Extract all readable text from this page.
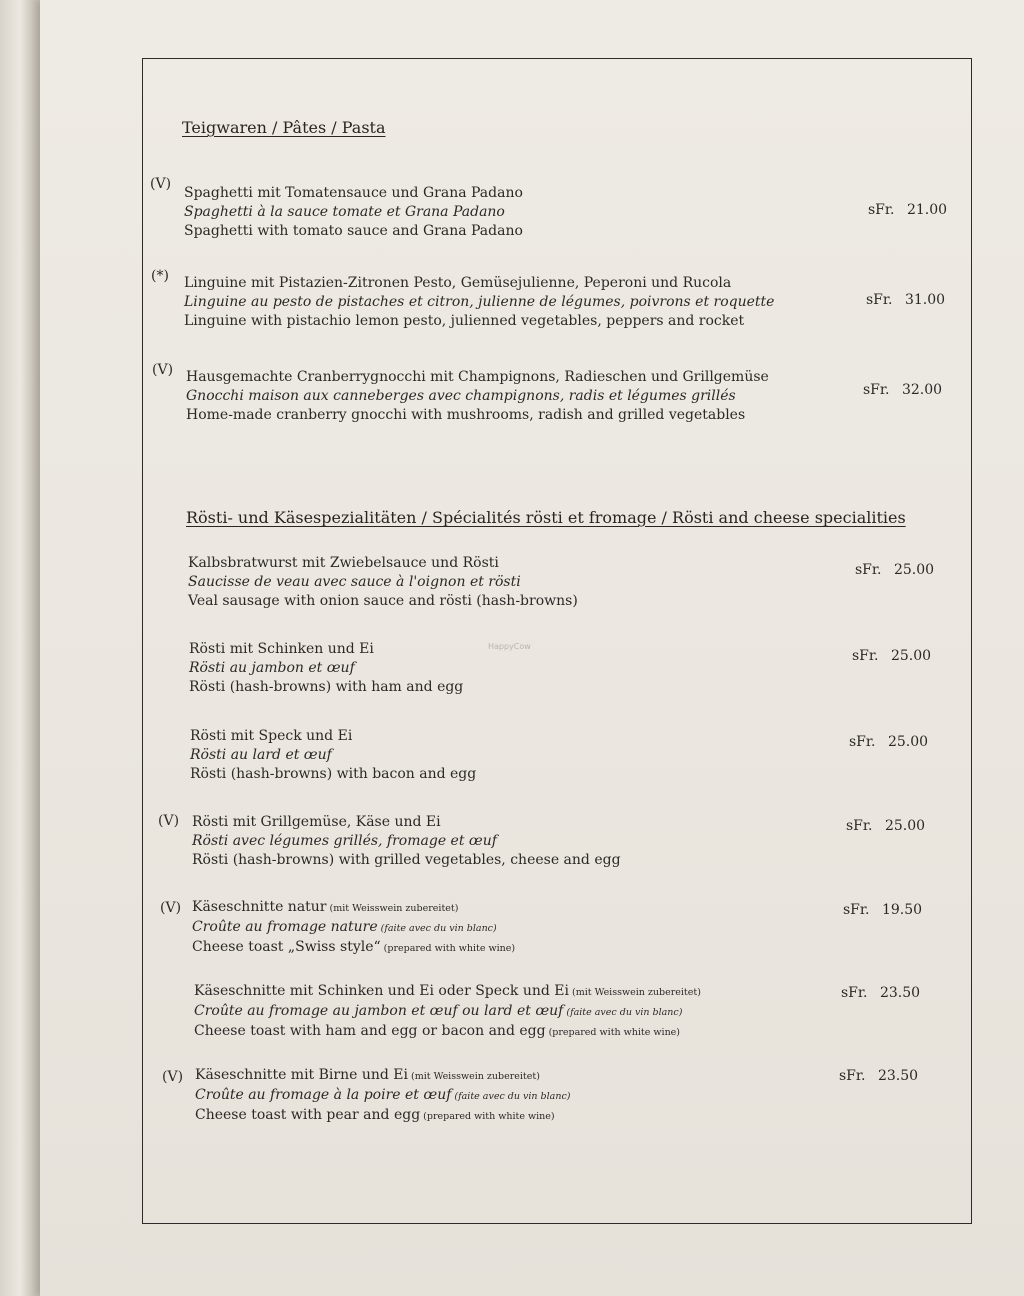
Teigwaren / Pâtes / Pasta
(V)
Spaghetti mit Tomatensauce und Grana Padano
Spaghetti à la sauce tomate et Grana Padano
Spaghetti with tomato sauce and Grana Padano
sFr. 21.00
(*) Linguine mit Pistazien-Zitronen Pesto, Gemüsejulienne, Peperoni und Rucola
Linguine au pesto de pistaches et citron, julienne de légumes, poivrons et roquette
Linguine with pistachio lemon pesto, julienned vegetables, peppers and rocket
sFr. 31.00
(V) Hausgemachte Cranberrygnocchi mit Champignons, Radieschen und Grillgemüse
Gnocchi maison aux canneberges avec champignons, radis et légumes grillés
Home-made cranberry gnocchi with mushrooms, radish and grilled vegetables
sFr. 32.00
Rösti- und Käsespezialitäten / Spécialités rösti et fromage / Rösti and cheese specialities
Kalbsbratwurst mit Zwiebelsauce und Rösti
Saucisse de veau avec sauce à l'oignon et rösti
Veal sausage with onion sauce and rösti (hash-browns)
sFr. 25.00
Rösti mit Schinken und Ei
Rösti au jambon et œuf
Rösti (hash-browns) with ham and egg
sFr. 25.00
HappyCow
Rösti mit Speck und Ei
Rösti au lard et œuf
Rösti (hash-browns) with bacon and egg
sFr. 25.00
(V) Rösti mit Grillgemüse, Käse und Ei
Rösti avec légumes grillés, fromage et œuf
Rösti (hash-browns) with grilled vegetables, cheese and egg
sFr. 25.00
(V) Käseschnitte natur (mit Weisswein zubereitet)
Croûte au fromage nature (faite avec du vin blanc)
Cheese toast „Swiss style“ (prepared with white wine)
sFr. 19.50
Käseschnitte mit Schinken und Ei oder Speck und Ei (mit Weisswein zubereitet)
Croûte au fromage au jambon et œuf ou lard et œuf (faite avec du vin blanc)
Cheese toast with ham and egg or bacon and egg (prepared with white wine)
sFr. 23.50
(V) Käseschnitte mit Birne und Ei (mit Weisswein zubereitet)
Croûte au fromage à la poire et œuf (faite avec du vin blanc)
Cheese toast with pear and egg (prepared with white wine)
sFr. 23.50
